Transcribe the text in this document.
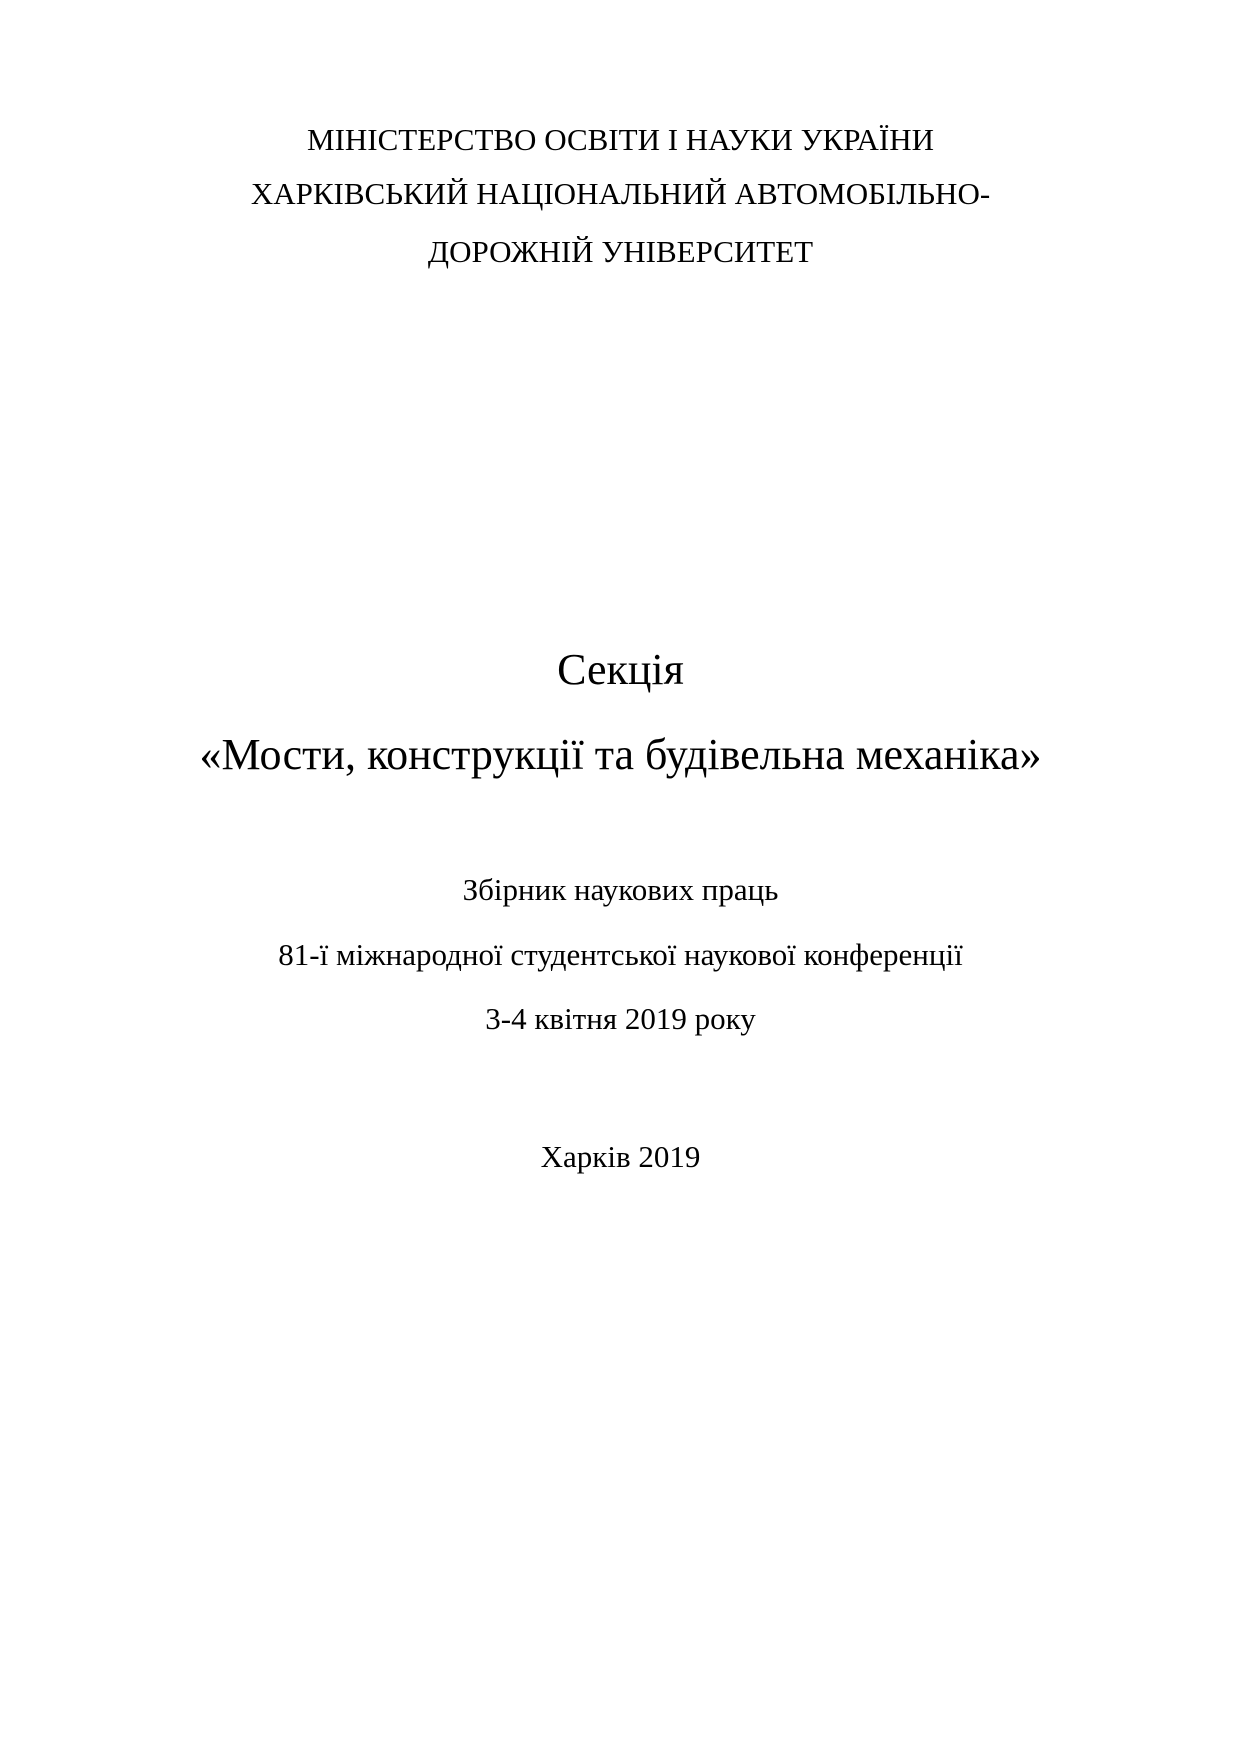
МІНІСТЕРСТВО ОСВІТИ І НАУКИ УКРАЇНИ
ХАРКІВСЬКИЙ НАЦІОНАЛЬНИЙ АВТОМОБІЛЬНО-
ДОРОЖНІЙ УНІВЕРСИТЕТ
Секція
«Мости, конструкції та будівельна механіка»
Збірник наукових праць
81-ї міжнародної студентської наукової конференції
3-4 квітня 2019 року
Харків 2019
